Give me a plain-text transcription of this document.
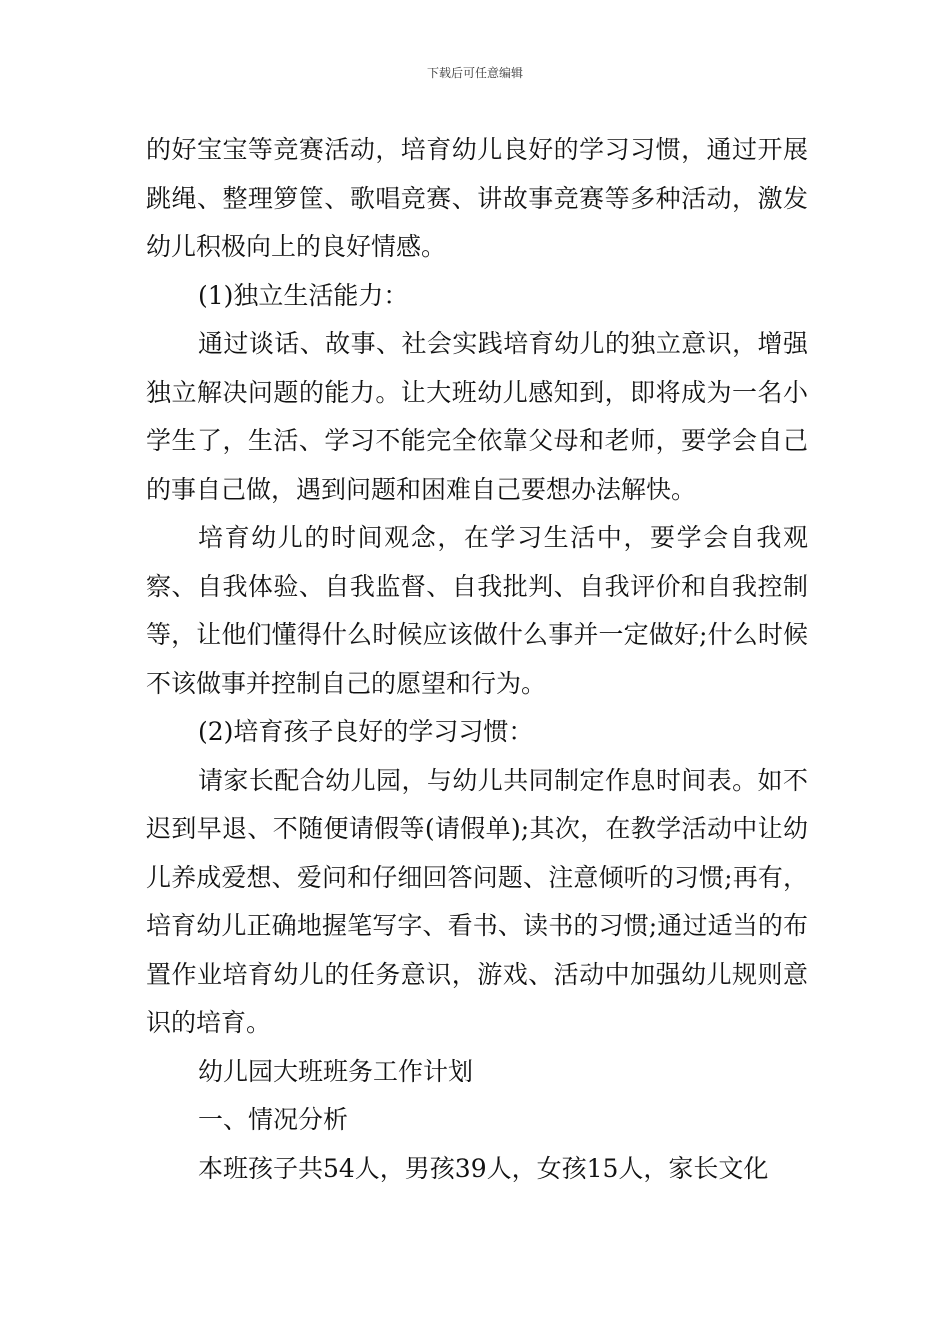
下载后可任意编辑

的好宝宝等竞赛活动，培育幼儿良好的学习习惯，通过开展跳绳、整理箩筐、歌唱竞赛、讲故事竞赛等多种活动，激发幼儿积极向上的良好情感。

(1)独立生活能力：

通过谈话、故事、社会实践培育幼儿的独立意识，增强独立解决问题的能力。让大班幼儿感知到，即将成为一名小学生了，生活、学习不能完全依靠父母和老师，要学会自己的事自己做，遇到问题和困难自己要想办法解快。

培育幼儿的时间观念，在学习生活中，要学会自我观察、自我体验、自我监督、自我批判、自我评价和自我控制等，让他们懂得什么时候应该做什么事并一定做好;什么时候不该做事并控制自己的愿望和行为。

(2)培育孩子良好的学习习惯：

请家长配合幼儿园，与幼儿共同制定作息时间表。如不迟到早退、不随便请假等(请假单);其次，在教学活动中让幼儿养成爱想、爱问和仔细回答问题、注意倾听的习惯;再有，培育幼儿正确地握笔写字、看书、读书的习惯;通过适当的布置作业培育幼儿的任务意识，游戏、活动中加强幼儿规则意识的培育。

幼儿园大班班务工作计划

一、情况分析

本班孩子共54人，男孩39人，女孩15人，家长文化
